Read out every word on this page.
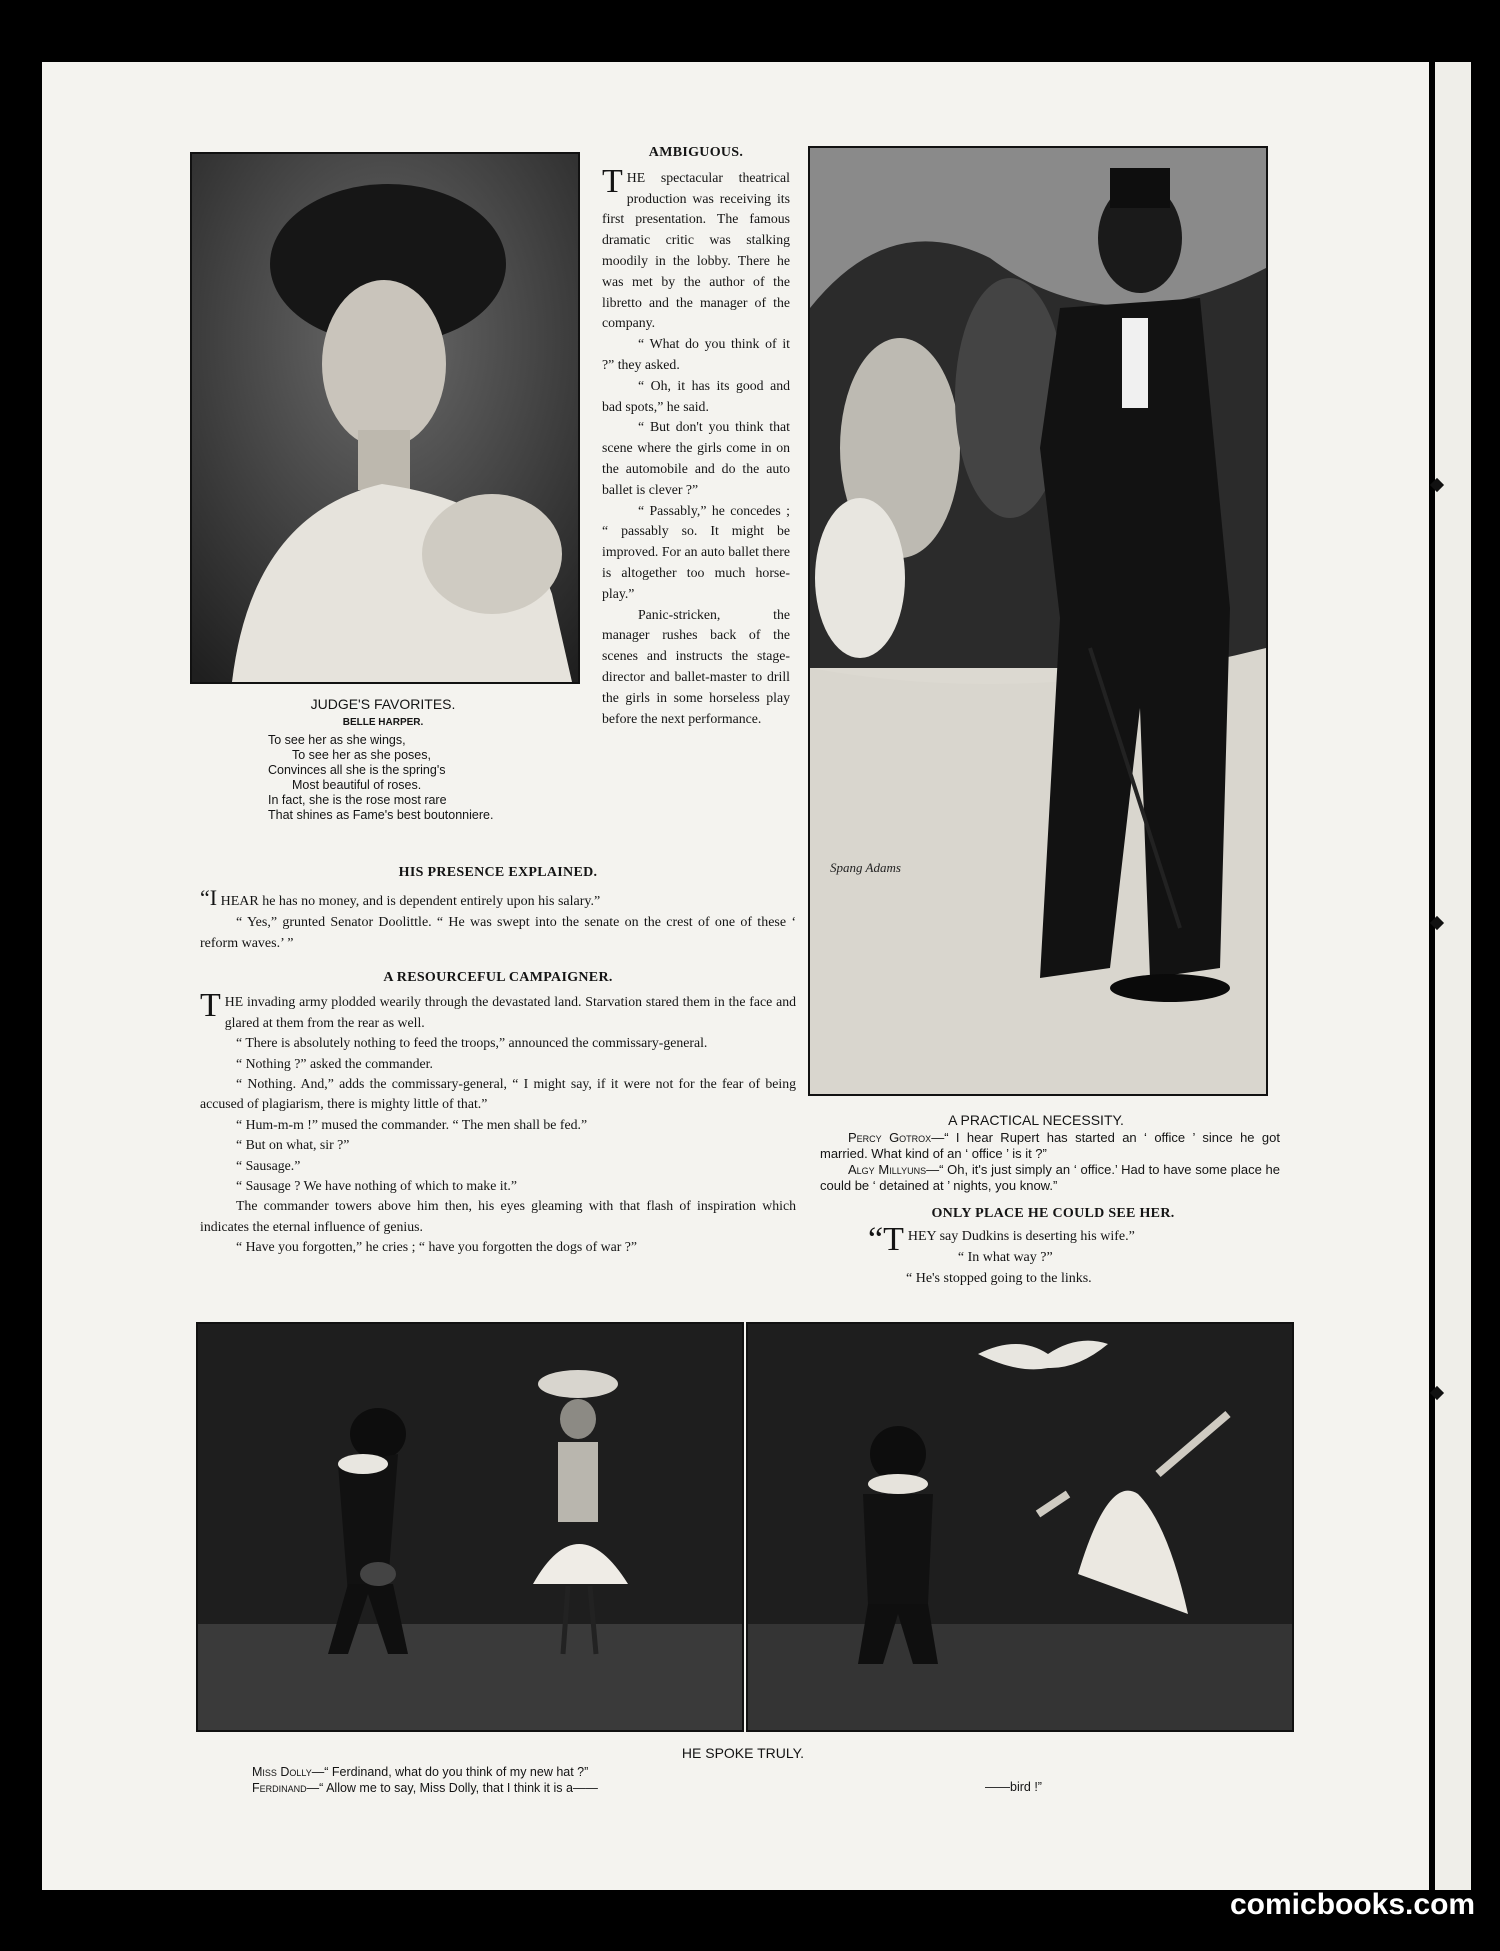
JUDGE'S FAVORITES.
BELLE HARPER.
To see her as she wings,
To see her as she poses,
Convinces all she is the spring's
Most beautiful of roses.
In fact, she is the rose most rare
That shines as Fame's best boutonniere.
AMBIGUOUS.

THE spectacular theatrical production was receiving its first presentation. The famous dramatic critic was stalking moodily in the lobby. There he was met by the author of the libretto and the manager of the company.

“ What do you think of it ?” they asked.

“ Oh, it has its good and bad spots,” he said.

“ But don't you think that scene where the girls come in on the automobile and do the auto ballet is clever ?”

“ Passably,” he concedes ; “ passably so. It might be improved. For an auto ballet there is altogether too much horse-play.”

Panic-stricken, the manager rushes back of the scenes and instructs the stage-director and ballet-master to drill the girls in some horseless play before the next performance.

Spang Adams
A PRACTICAL NECESSITY.
Percy Gotrox—“ I hear Rupert has started an ‘ office ’ since he got married. What kind of an ‘ office ’ is it ?”
Algy Millyuns—“ Oh, it's just simply an ‘ office.’ Had to have some place he could be ‘ detained at ’ nights, you know.”
ONLY PLACE HE COULD SEE HER.

“THEY say Dudkins is deserting his wife.”

“ In what way ?”

“ He's stopped going to the links.

HIS PRESENCE EXPLAINED.

“I HEAR he has no money, and is dependent entirely upon his salary.”

“ Yes,” grunted Senator Doolittle. “ He was swept into the senate on the crest of one of these ‘ reform waves.’ ”

A RESOURCEFUL CAMPAIGNER.

THE invading army plodded wearily through the devastated land. Starvation stared them in the face and glared at them from the rear as well.

“ There is absolutely nothing to feed the troops,” announced the commissary-general.

“ Nothing ?” asked the commander.

“ Nothing. And,” adds the commissary-general, “ I might say, if it were not for the fear of being accused of plagiarism, there is mighty little of that.”

“ Hum-m-m !” mused the commander. “ The men shall be fed.”

“ But on what, sir ?”

“ Sausage.”

“ Sausage ? We have nothing of which to make it.”

The commander towers above him then, his eyes gleaming with that flash of inspiration which indicates the eternal influence of genius.

“ Have you forgotten,” he cries ; “ have you forgotten the dogs of war ?”

HE SPOKE TRULY.
Miss Dolly—“ Ferdinand, what do you think of my new hat ?”
Ferdinand—“ Allow me to say, Miss Dolly, that I think it is a——	——bird !”
comicbooks.com
